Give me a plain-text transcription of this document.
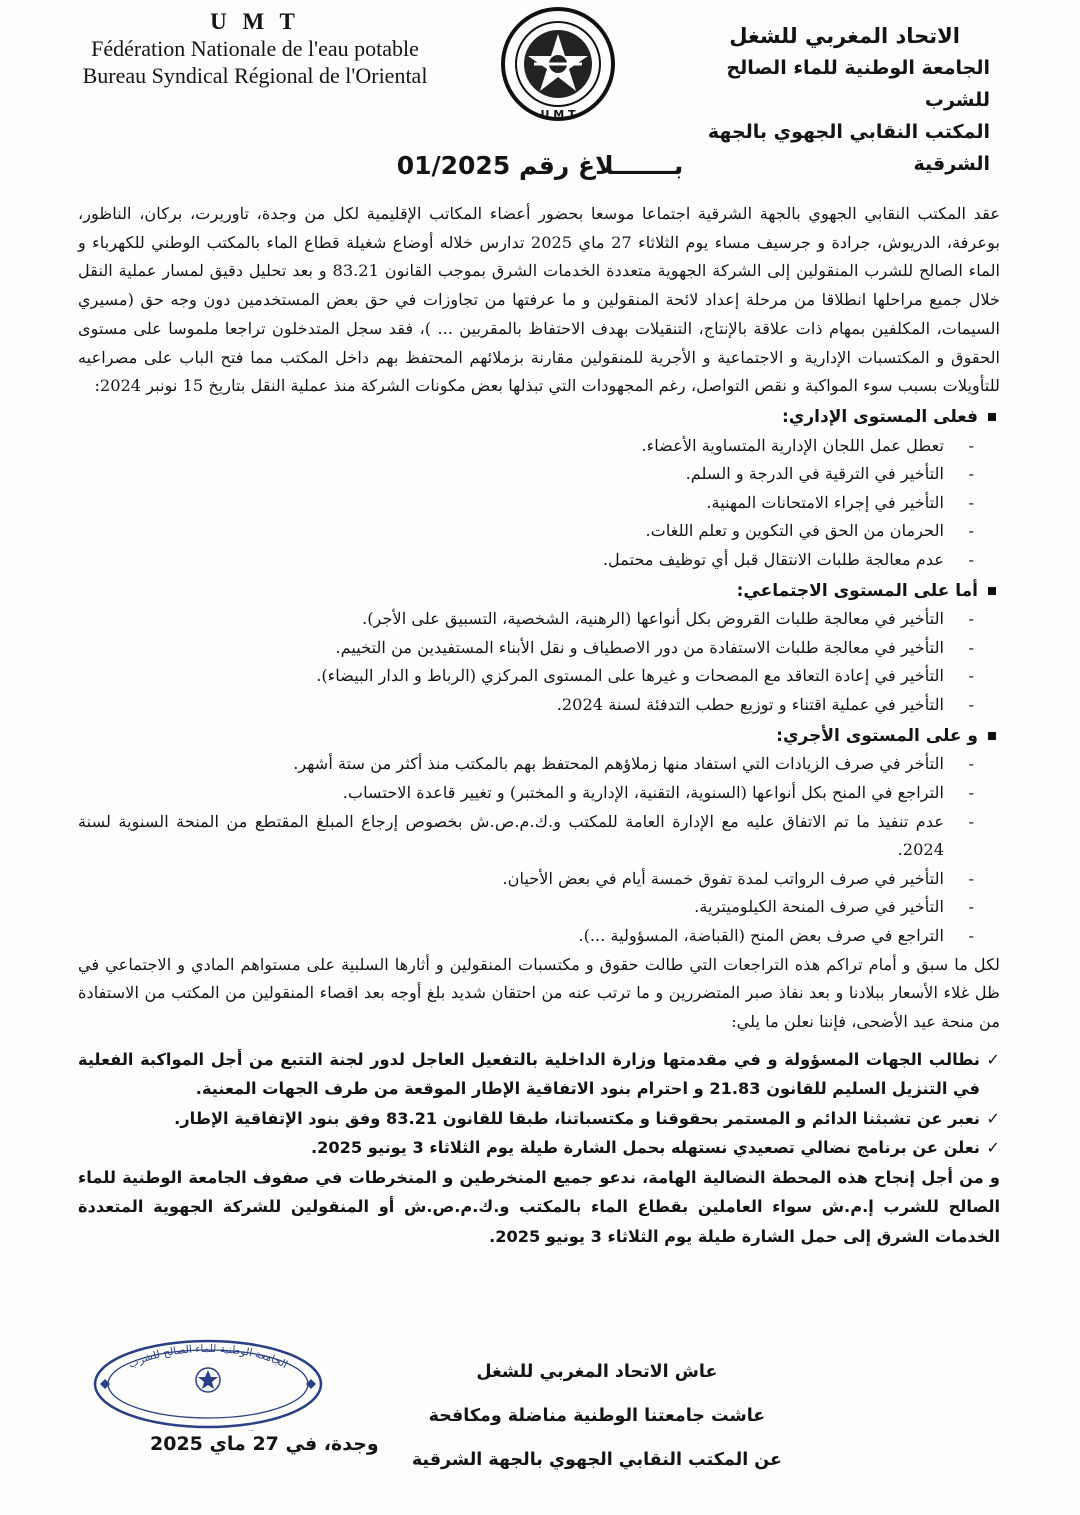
U M T
Fédération Nationale de l'eau potable
Bureau Syndical Régional de l'Oriental
U M T
الاتحاد المغربي للشغل
الجامعة الوطنية للماء الصالح للشرب
المكتب النقابي الجهوي بالجهة الشرقية
بـــــــلاغ رقم 01/2025

عقد المكتب النقابي الجهوي بالجهة الشرقية اجتماعا موسعا بحضور أعضاء المكاتب الإقليمية لكل من وجدة، تاوريرت، بركان، الناظور، بوعرفة، الدريوش، جرادة و جرسيف مساء يوم الثلاثاء 27 ماي 2025 تدارس خلاله أوضاع شغيلة قطاع الماء بالمكتب الوطني للكهرباء و الماء الصالح للشرب المنقولين إلى الشركة الجهوية متعددة الخدمات الشرق بموجب القانون 83.21 و بعد تحليل دقيق لمسار عملية النقل خلال جميع مراحلها انطلاقا من مرحلة إعداد لائحة المنقولين و ما عرفتها من تجاوزات في حق بعض المستخدمين دون وجه حق (مسيري السيمات، المكلفين بمهام ذات علاقة بالإنتاج، التنقيلات بهدف الاحتفاظ بالمقربين ... )، فقد سجل المتدخلون تراجعا ملموسا على مستوى الحقوق و المكتسبات الإدارية و الاجتماعية و الأجرية للمنقولين مقارنة بزملائهم المحتفظ بهم داخل المكتب مما فتح الباب على مصراعيه للتأويلات بسبب سوء المواكبة و نقص التواصل، رغم المجهودات التي تبذلها بعض مكونات الشركة منذ عملية النقل بتاريخ 15 نونبر 2024:

فعلى المستوى الإداري:
- تعطل عمل اللجان الإدارية المتساوية الأعضاء.
- التأخير في الترقية في الدرجة و السلم.
- التأخير في إجراء الامتحانات المهنية.
- الحرمان من الحق في التكوين و تعلم اللغات.
- عدم معالجة طلبات الانتقال قبل أي توظيف محتمل.
أما على المستوى الاجتماعي:
- التأخير في معالجة طلبات القروض بكل أنواعها (الرهنية، الشخصية، التسبيق على الأجر).
- التأخير في معالجة طلبات الاستفادة من دور الاصطياف و نقل الأبناء المستفيدين من التخييم.
- التأخير في إعادة التعاقد مع المصحات و غيرها على المستوى المركزي (الرباط و الدار البيضاء).
- التأخير في عملية اقتناء و توزيع حطب التدفئة لسنة 2024.
و على المستوى الأجري:
- التأخر في صرف الزيادات التي استفاد منها زملاؤهم المحتفظ بهم بالمكتب منذ أكثر من ستة أشهر.
- التراجع في المنح بكل أنواعها (السنوية، التقنية، الإدارية و المختبر) و تغيير قاعدة الاحتساب.
- عدم تنفيذ ما تم الاتفاق عليه مع الإدارة العامة للمكتب و.ك.م.ص.ش بخصوص إرجاع المبلغ المقتطع من المنحة السنوية لسنة 2024.
- التأخير في صرف الرواتب لمدة تفوق خمسة أيام في بعض الأحيان.
- التأخير في صرف المنحة الكيلوميترية.
- التراجع في صرف بعض المنح (القباضة، المسؤولية ...).

لكل ما سبق و أمام تراكم هذه التراجعات التي طالت حقوق و مكتسبات المنقولين و أثارها السلبية على مستواهم المادي و الاجتماعي في ظل غلاء الأسعار ببلادنا و بعد نفاذ صبر المتضررين و ما ترتب عنه من احتقان شديد بلغ أوجه بعد اقصاء المنقولين من المكتب من الاستفادة من منحة عيد الأضحى، فإننا نعلن ما يلي:

✓ نطالب الجهات المسؤولة و في مقدمتها وزارة الداخلية بالتفعيل العاجل لدور لجنة التتبع من أجل المواكبة الفعلية في التنزيل السليم للقانون 21.83 و احترام بنود الاتفاقية الإطار الموقعة من طرف الجهات المعنية.
✓ نعبر عن تشبثنا الدائم و المستمر بحقوقنا و مكتسباتنا، طبقا للقانون 83.21 وفق بنود الإتفاقية الإطار.
✓ نعلن عن برنامج نضالي تصعيدي نستهله بحمل الشارة طيلة يوم الثلاثاء 3 يونيو 2025.
و من أجل إنجاح هذه المحطة النضالية الهامة، ندعو جميع المنخرطين و المنخرطات في صفوف الجامعة الوطنية للماء الصالح للشرب إ.م.ش سواء العاملين بقطاع الماء بالمكتب و.ك.م.ص.ش أو المنقولين للشركة الجهوية المتعددة الخدمات الشرق إلى حمل الشارة طيلة يوم الثلاثاء 3 يونيو 2025.
الجامعة الوطنية للماء الصالح للشرب	عاش الاتحاد المغربي للشغل
عاشت جامعتنا الوطنية مناضلة ومكافحة
عن المكتب النقابي الجهوي بالجهة الشرقية
وجدة، في 27 ماي 2025
